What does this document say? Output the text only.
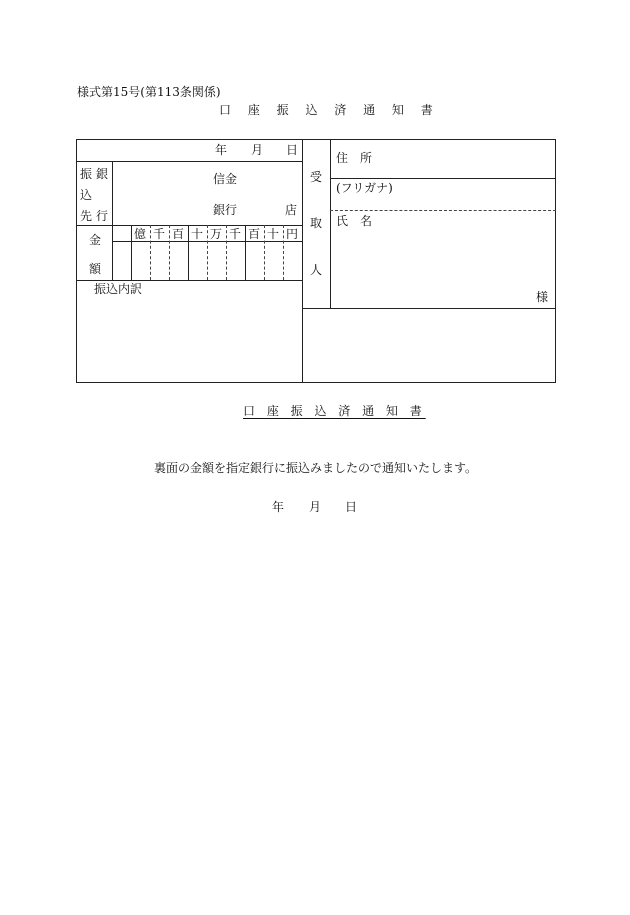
様式第15号(第113条関係)
口 座 振 込 済 通 知 書
年 月 日
振
込
先
銀
行
信金
銀行	店
金
額
億 千 百 十 万 千 百 十 円
振込内訳
受
取
人
住　所
(フリガナ)
氏　名
様
口 座 振 込 済 通 知 書
裏面の金額を指定銀行に振込みましたので通知いたします。
年 月 日
